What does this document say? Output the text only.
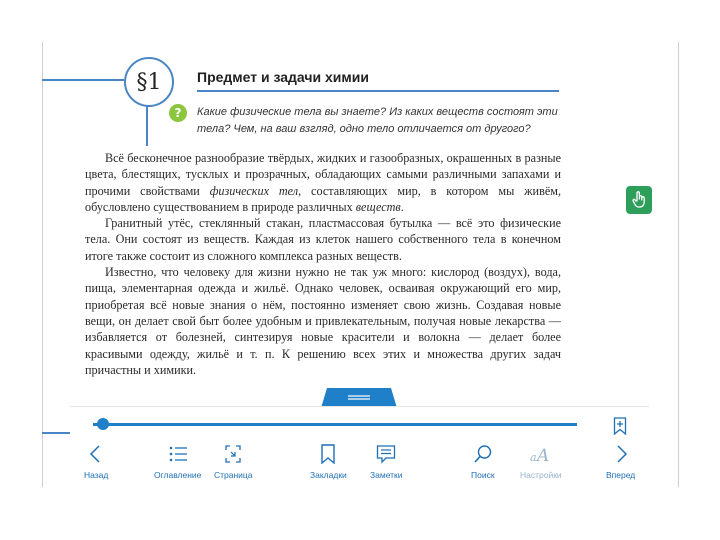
§1	Предмет и задачи химии
?	Какие физические тела вы знаете? Из каких веществ состоят эти тела? Чем, на ваш взгляд, одно тело отличается от другого?

Всё бесконечное разнообразие твёрдых, жидких и газообразных, окрашенных в разные цвета, блестящих, тусклых и прозрачных, обладающих самыми различными запахами и прочими свойствами физических тел, составляющих мир, в котором мы живём, обусловлено существованием в природе различных веществ.

Гранитный утёс, стеклянный стакан, пластмассовая бутылка — всё это физические тела. Они состоят из веществ. Каждая из клеток нашего собственного тела в конечном итоге также состоит из сложного комплекса разных веществ.

Известно, что человеку для жизни нужно не так уж много: кислород (воздух), вода, пища, элементарная одежда и жильё. Однако человек, осваивая окружающий его мир, приобретая всё новые знания о нём, постоянно изменяет свою жизнь. Создавая новые вещи, он делает свой быт более удобным и привлекательным, получая новые лекарства — избавляется от болезней, синтезируя новые красители и волокна — делает более красивыми одежду, жильё и т. п. К решению всех этих и множества других задач причастны и химики.

Назад	Оглавление Страница	Закладки	Заметки	Поиск
a A
Настройки	Вперед
